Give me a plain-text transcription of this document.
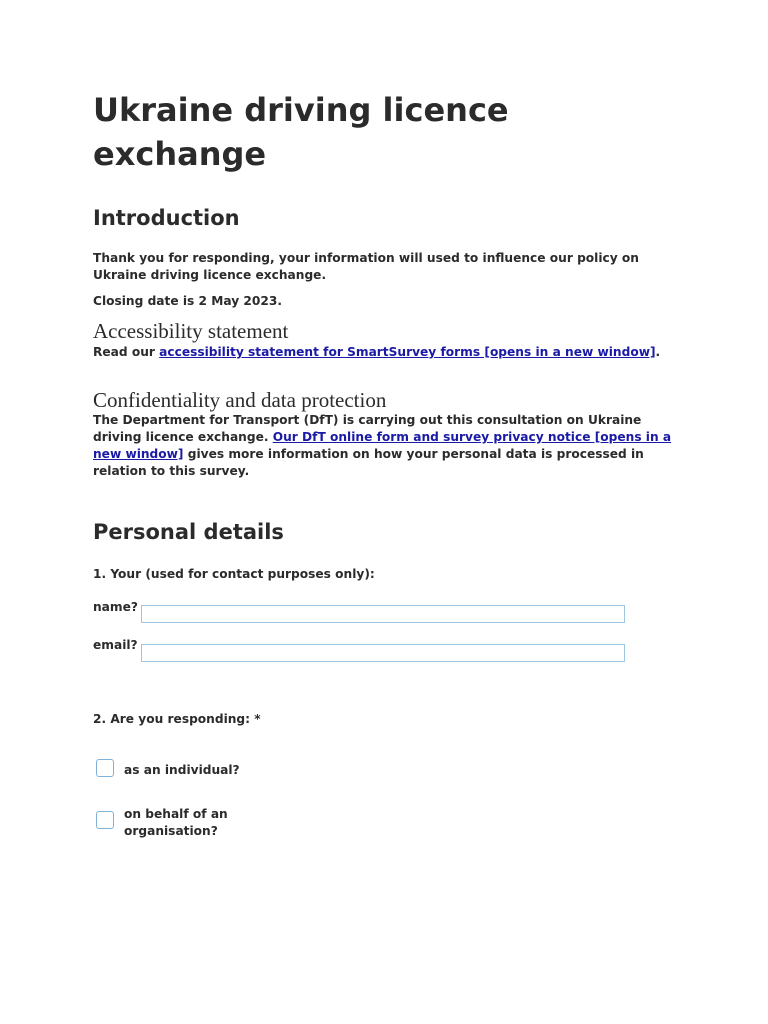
Ukraine driving licence exchange
Introduction

Thank you for responding, your information will used to influence our policy on Ukraine driving licence exchange.

Closing date is 2 May 2023.

Accessibility statement

Read our accessibility statement for SmartSurvey forms [opens in a new window].

Confidentiality and data protection

The Department for Transport (DfT) is carrying out this consultation on Ukraine driving licence exchange. Our DfT online form and survey privacy notice [opens in a new window] gives more information on how your personal data is processed in relation to this survey.

Personal details

1. Your (used for contact purposes only):

name?
email?

2. Are you responding: *

as an individual?
on behalf of an organisation?
